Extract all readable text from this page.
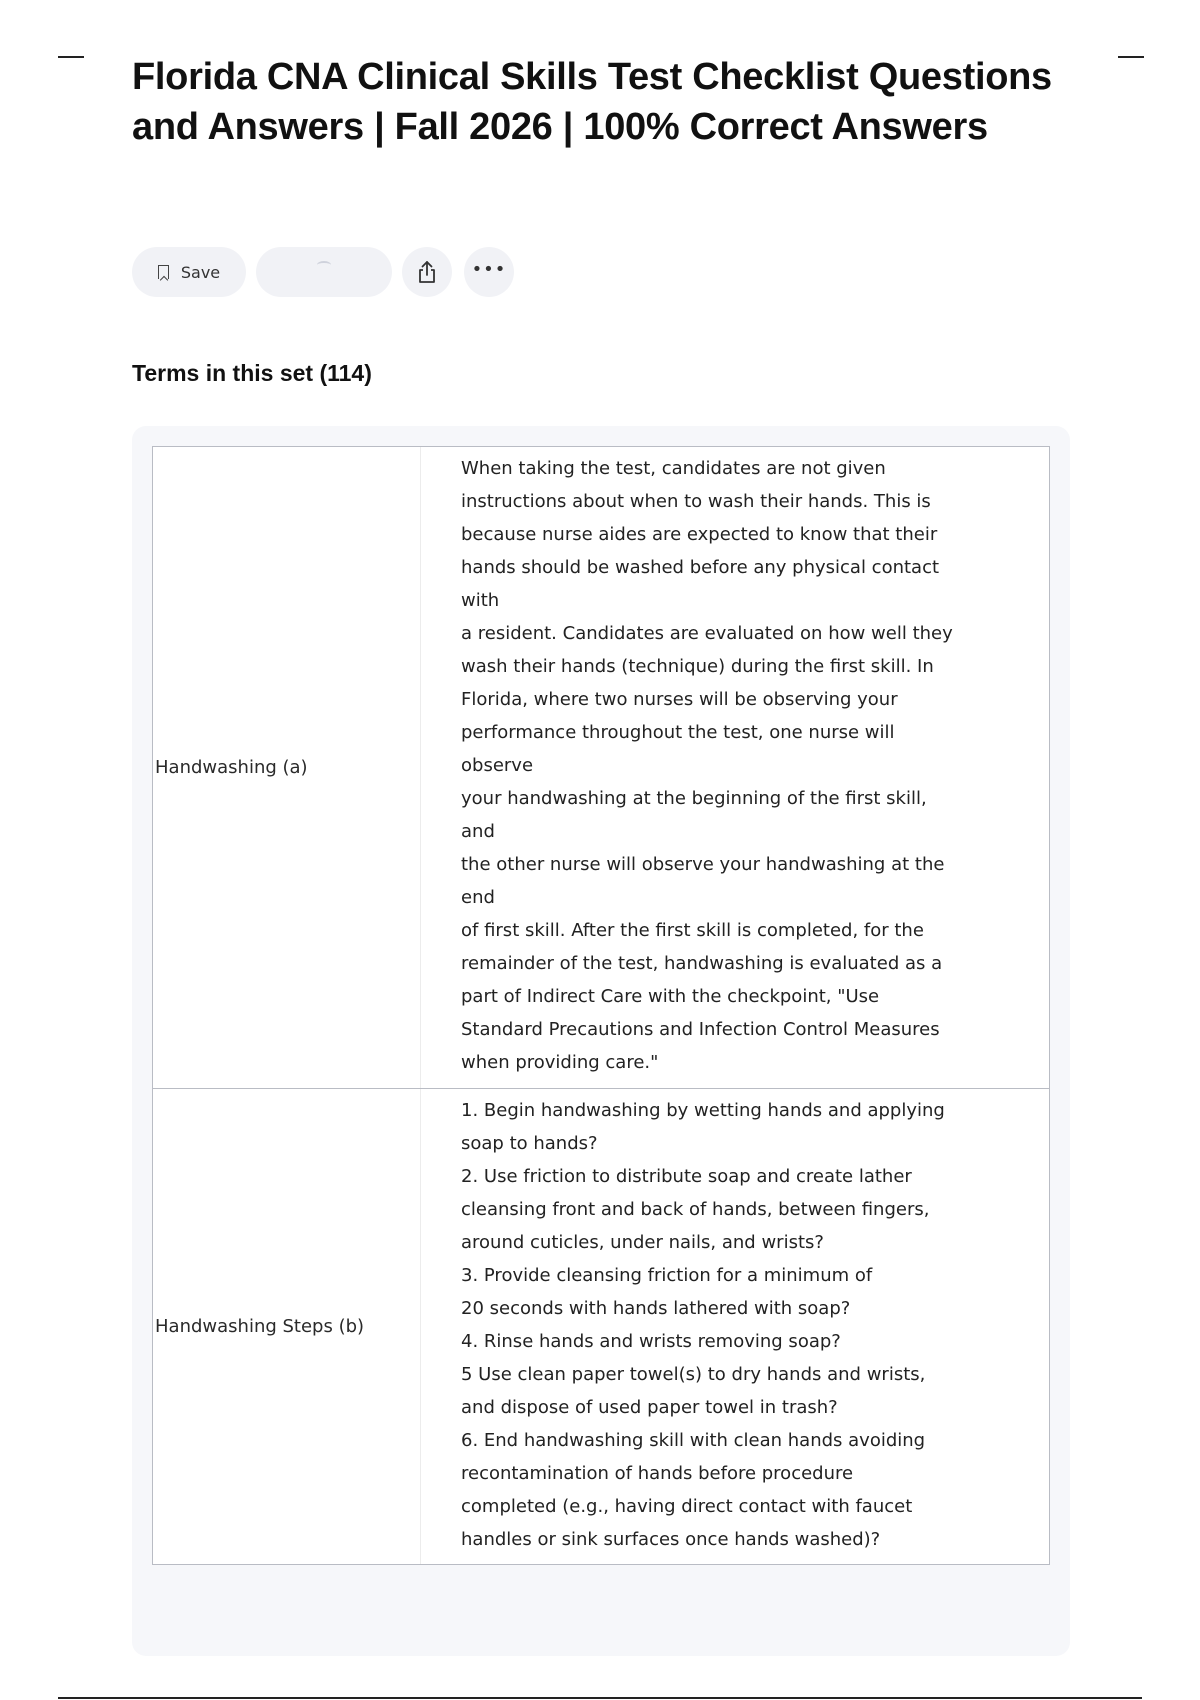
Florida CNA Clinical Skills Test Checklist Questions and Answers | Fall 2026 | 100% Correct Answers
Save	•••
Terms in this set (114)
Handwashing (a)
When taking the test, candidates are not given
instructions about when to wash their hands. This is
because nurse aides are expected to know that their
hands should be washed before any physical contact
with
a resident. Candidates are evaluated on how well they
wash their hands (technique) during the first skill. In
Florida, where two nurses will be observing your
performance throughout the test, one nurse will
observe
your handwashing at the beginning of the first skill,
and
the other nurse will observe your handwashing at the
end
of first skill. After the first skill is completed, for the
remainder of the test, handwashing is evaluated as a
part of Indirect Care with the checkpoint, "Use
Standard Precautions and Infection Control Measures
when providing care."
Handwashing Steps (b)
1. Begin handwashing by wetting hands and applying
soap to hands?
2. Use friction to distribute soap and create lather
cleansing front and back of hands, between fingers,
around cuticles, under nails, and wrists?
3. Provide cleansing friction for a minimum of
20 seconds with hands lathered with soap?
4. Rinse hands and wrists removing soap?
5 Use clean paper towel(s) to dry hands and wrists,
and dispose of used paper towel in trash?
6. End handwashing skill with clean hands avoiding
recontamination of hands before procedure
completed (e.g., having direct contact with faucet
handles or sink surfaces once hands washed)?
